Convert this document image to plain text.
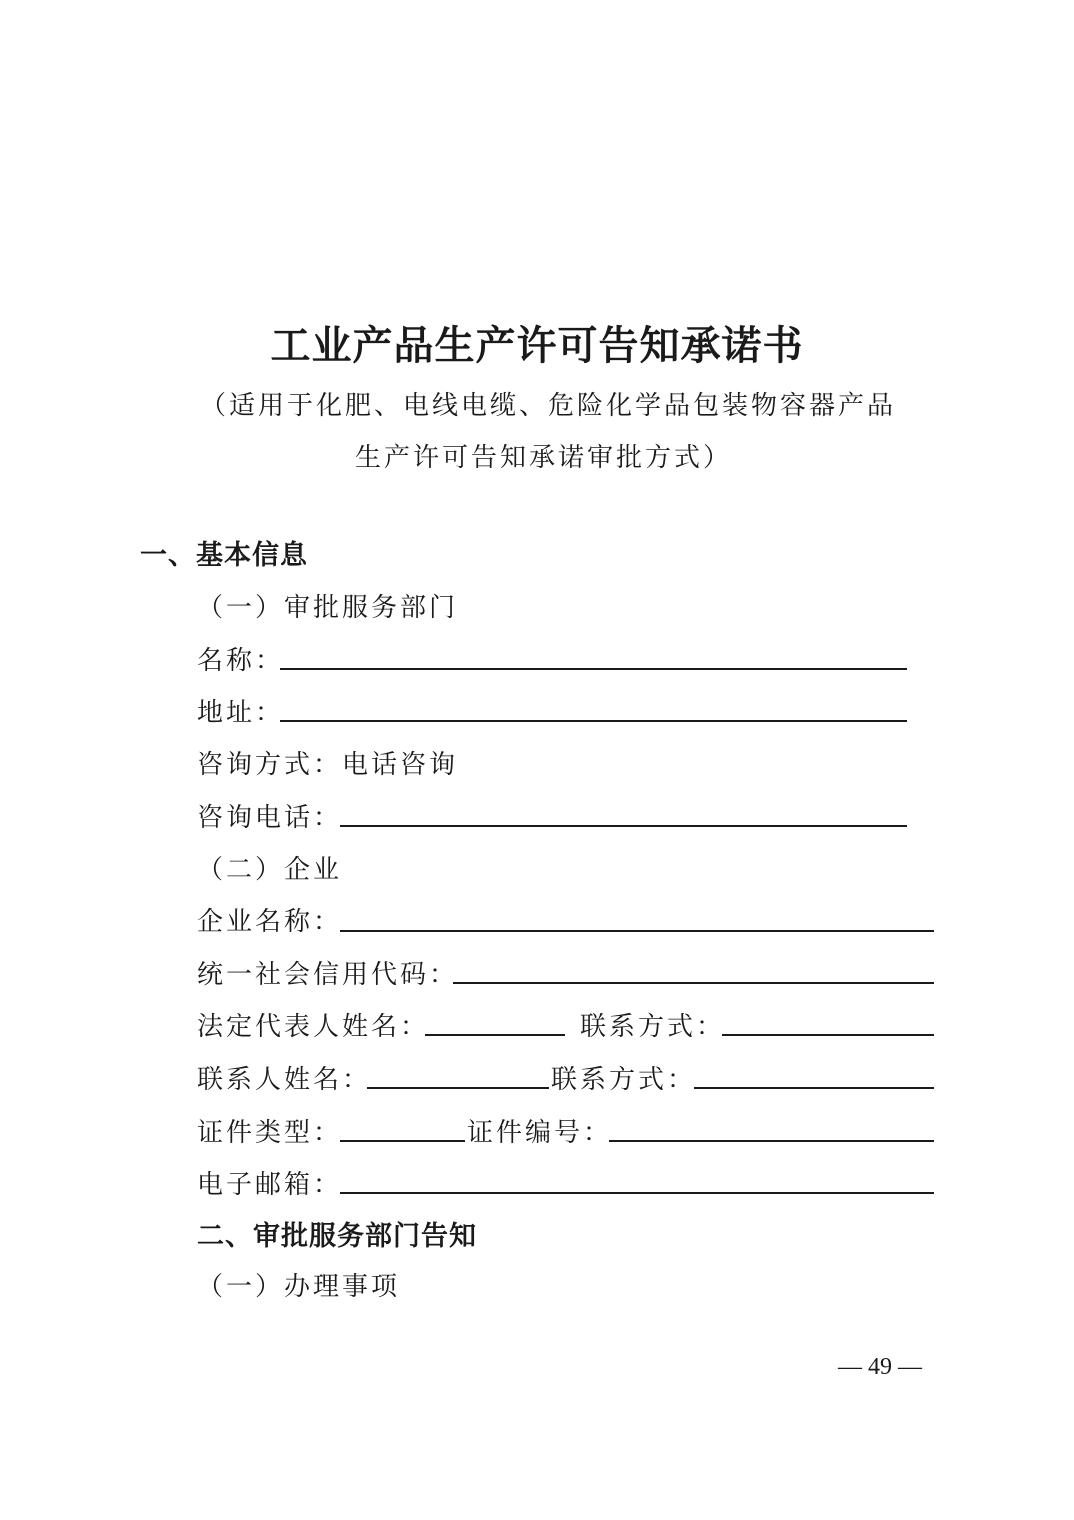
工业产品生产许可告知承诺书
（适用于化肥、电线电缆、危险化学品包装物容器产品
生产许可告知承诺审批方式）
一、基本信息
（一）审批服务部门
名称：
地址：
咨询方式：电话咨询
咨询电话：
（二）企业
企业名称：
统一社会信用代码：
法定代表人姓名：	联系方式：
联系人姓名：	联系方式：
证件类型：	证件编号：
电子邮箱：
二、审批服务部门告知
（一）办理事项
— 49 —
